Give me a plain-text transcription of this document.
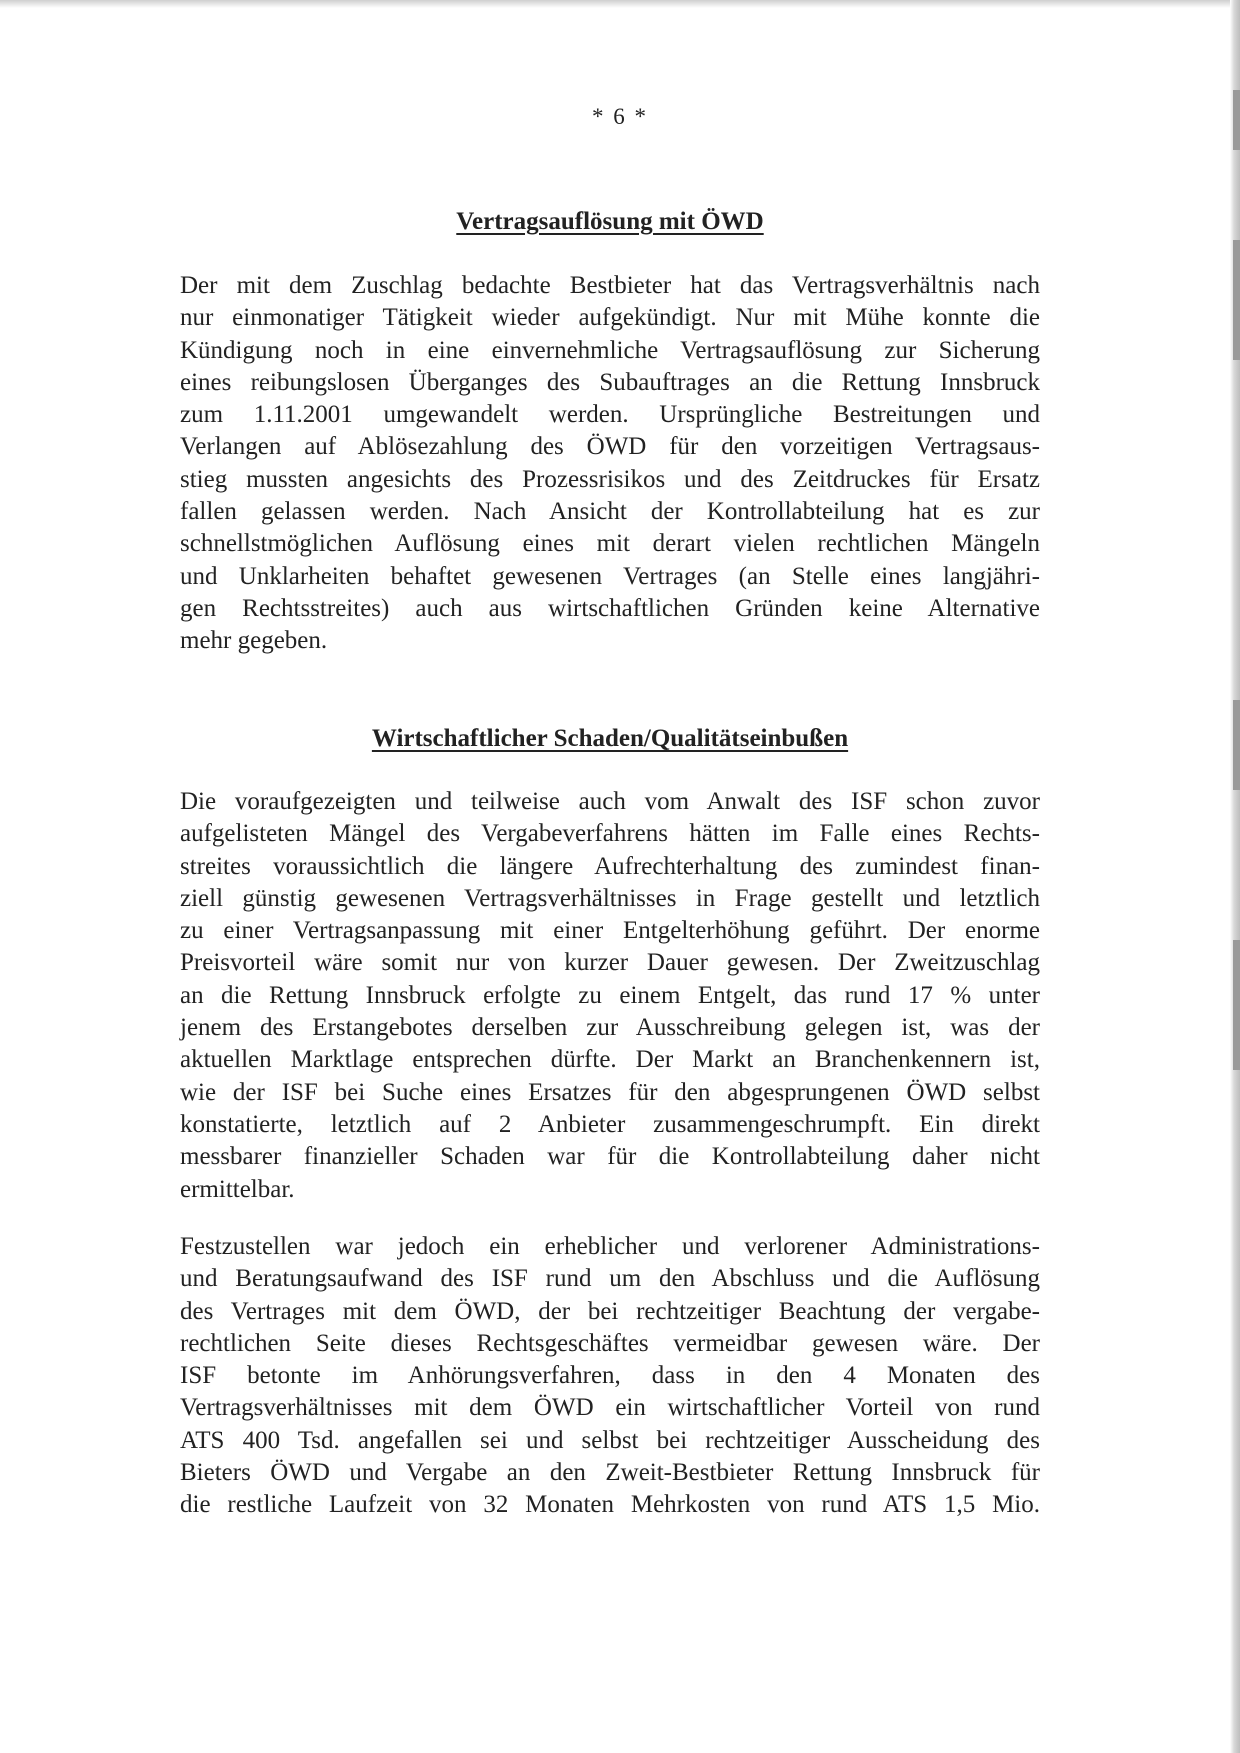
* 6 *
Vertragsauflösung mit ÖWD
Der mit dem Zuschlag bedachte Bestbieter hat das Vertragsverhältnis nach
nur einmonatiger Tätigkeit wieder aufgekündigt. Nur mit Mühe konnte die
Kündigung noch in eine einvernehmliche Vertragsauflösung zur Sicherung
eines reibungslosen Überganges des Subauftrages an die Rettung Innsbruck
zum 1.11.2001 umgewandelt werden. Ursprüngliche Bestreitungen und
Verlangen auf Ablösezahlung des ÖWD für den vorzeitigen Vertragsaus-
stieg mussten angesichts des Prozessrisikos und des Zeitdruckes für Ersatz
fallen gelassen werden. Nach Ansicht der Kontrollabteilung hat es zur
schnellstmöglichen Auflösung eines mit derart vielen rechtlichen Mängeln
und Unklarheiten behaftet gewesenen Vertrages (an Stelle eines langjähri-
gen Rechtsstreites) auch aus wirtschaftlichen Gründen keine Alternative
mehr gegeben.
Wirtschaftlicher Schaden/Qualitätseinbußen
Die voraufgezeigten und teilweise auch vom Anwalt des ISF schon zuvor
aufgelisteten Mängel des Vergabeverfahrens hätten im Falle eines Rechts-
streites voraussichtlich die längere Aufrechterhaltung des zumindest finan-
ziell günstig gewesenen Vertragsverhältnisses in Frage gestellt und letztlich
zu einer Vertragsanpassung mit einer Entgelterhöhung geführt. Der enorme
Preisvorteil wäre somit nur von kurzer Dauer gewesen. Der Zweitzuschlag
an die Rettung Innsbruck erfolgte zu einem Entgelt, das rund 17 % unter
jenem des Erstangebotes derselben zur Ausschreibung gelegen ist, was der
aktuellen Marktlage entsprechen dürfte. Der Markt an Branchenkennern ist,
wie der ISF bei Suche eines Ersatzes für den abgesprungenen ÖWD selbst
konstatierte, letztlich auf 2 Anbieter zusammengeschrumpft. Ein direkt
messbarer finanzieller Schaden war für die Kontrollabteilung daher nicht
ermittelbar.
Festzustellen war jedoch ein erheblicher und verlorener Administrations-
und Beratungsaufwand des ISF rund um den Abschluss und die Auflösung
des Vertrages mit dem ÖWD, der bei rechtzeitiger Beachtung der vergabe-
rechtlichen Seite dieses Rechtsgeschäftes vermeidbar gewesen wäre. Der
ISF betonte im Anhörungsverfahren, dass in den 4 Monaten des
Vertragsverhältnisses mit dem ÖWD ein wirtschaftlicher Vorteil von rund
ATS 400 Tsd. angefallen sei und selbst bei rechtzeitiger Ausscheidung des
Bieters ÖWD und Vergabe an den Zweit-Bestbieter Rettung Innsbruck für
die restliche Laufzeit von 32 Monaten Mehrkosten von rund ATS 1,5 Mio.
